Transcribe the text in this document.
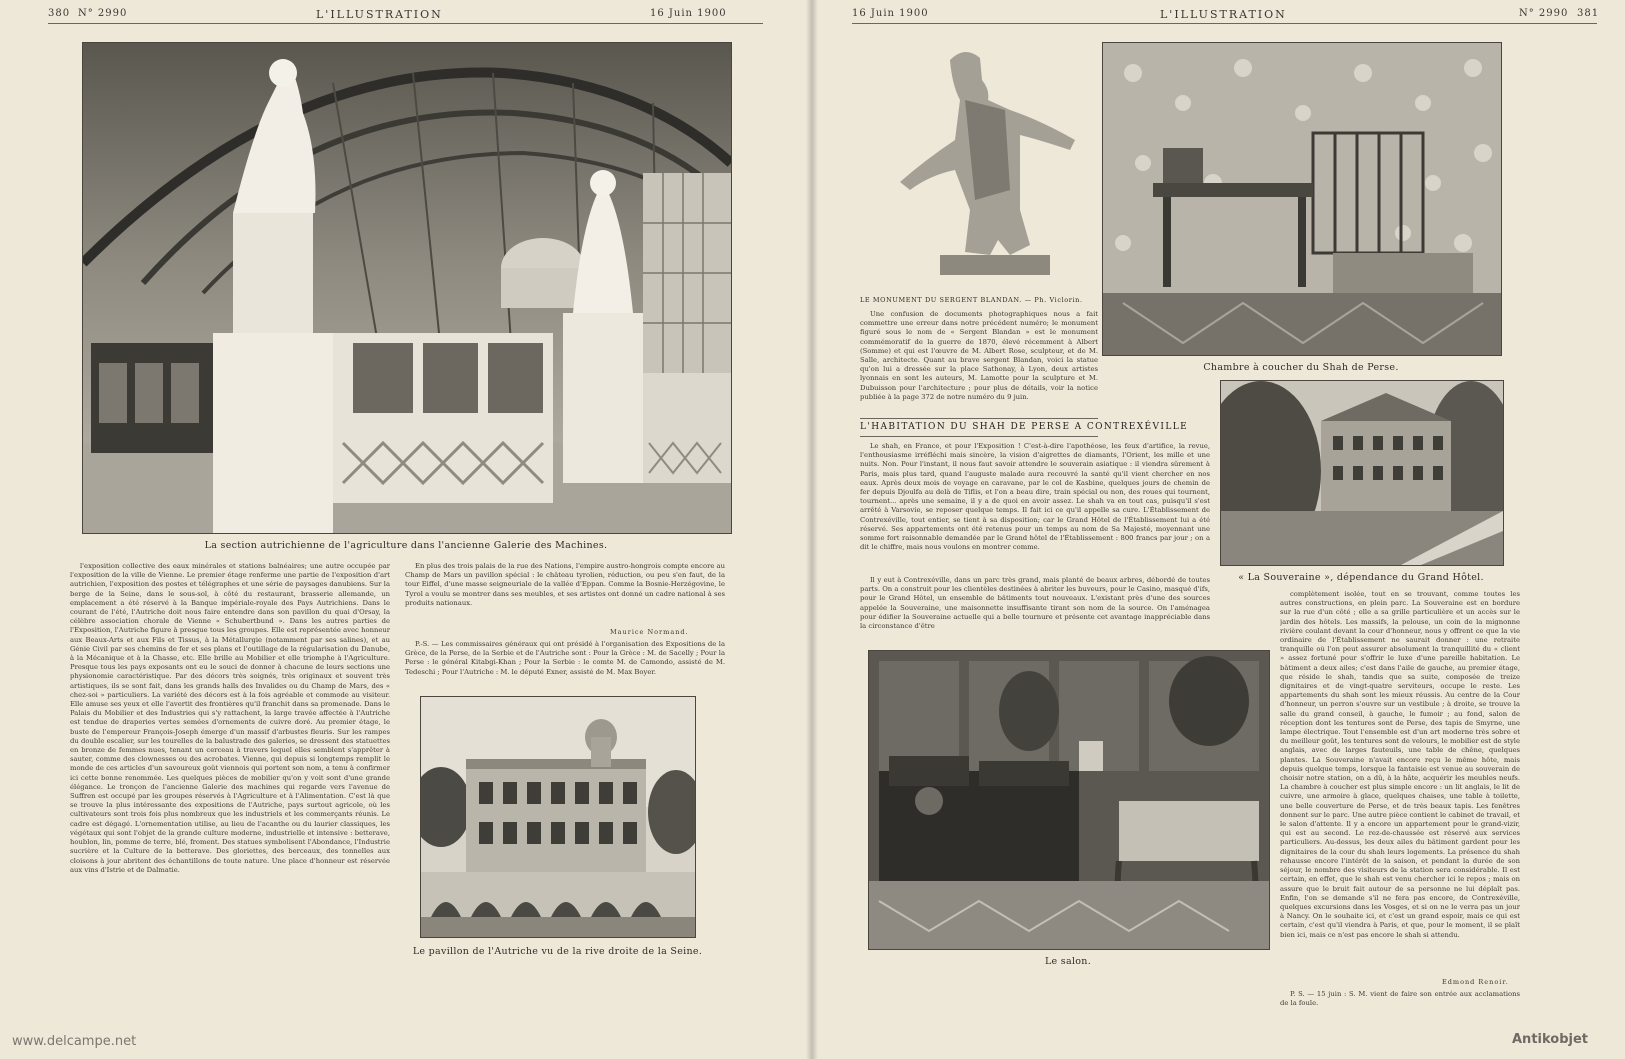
380 N° 2990	L'ILLUSTRATION	16 Juin 1900
La section autrichienne de l'agriculture dans l'ancienne Galerie des Machines.

l'exposition collective des eaux minérales et stations balnéaires; une autre occupée par l'exposition de la ville de Vienne. Le premier étage renferme une partie de l'exposition d'art autrichien, l'exposition des postes et télégraphes et une série de paysages danubiens. Sur la berge de la Seine, dans le sous-sol, à côté du restaurant, brasserie allemande, un emplacement a été réservé à la Banque impériale-royale des Pays Autrichiens. Dans le courant de l'été, l'Autriche doit nous faire entendre dans son pavillon du quai d'Orsay, la célèbre association chorale de Vienne « Schubertbund ». Dans les autres parties de l'Exposition, l'Autriche figure à presque tous les groupes. Elle est représentée avec honneur aux Beaux-Arts et aux Fils et Tissus, à la Métallurgie (notamment par ses salines), et au Génie Civil par ses chemins de fer et ses plans et l'outillage de la régularisation du Danube, à la Mécanique et à la Chasse, etc. Elle brille au Mobilier et elle triomphe à l'Agriculture. Presque tous les pays exposants ont eu le souci de donner à chacune de leurs sections une physionomie caractéristique. Par des décors très soignés, très originaux et souvent très artistiques, ils se sont fait, dans les grands halls des Invalides ou du Champ de Mars, des « chez-soi » particuliers. La variété des décors est à la fois agréable et commode au visiteur. Elle amuse ses yeux et elle l'avertit des frontières qu'il franchit dans sa promenade. Dans le Palais du Mobilier et des Industries qui s'y rattachent, la large travée affectée à l'Autriche est tendue de draperies vertes semées d'ornements de cuivre doré. Au premier étage, le buste de l'empereur François-Joseph émerge d'un massif d'arbustes fleuris. Sur les rampes du double escalier, sur les tourelles de la balustrade des galeries, se dressent des statuettes en bronze de femmes nues, tenant un cerceau à travers lequel elles semblent s'apprêter à sauter, comme des clownesses ou des acrobates. Vienne, qui depuis si longtemps remplit le monde de ces articles d'un savoureux goût viennois qui portent son nom, a tenu à confirmer ici cette bonne renommée. Les quelques pièces de mobilier qu'on y voit sont d'une grande élégance. Le tronçon de l'ancienne Galerie des machines qui regarde vers l'avenue de Suffren est occupé par les groupes réservés à l'Agriculture et à l'Alimentation. C'est là que se trouve la plus intéressante des expositions de l'Autriche, pays surtout agricole, où les cultivateurs sont trois fois plus nombreux que les industriels et les commerçants réunis. Le cadre est dégagé. L'ornementation utilise, au lieu de l'acanthe ou du laurier classiques, les végétaux qui sont l'objet de la grande culture moderne, industrielle et intensive : betterave, houblon, lin, pomme de terre, blé, froment. Des statues symbolisent l'Abondance, l'Industrie sucrière et la Culture de la betterave. Des gloriettes, des berceaux, des tonnelles aux cloisons à jour abritent des échantillons de toute nature. Une place d'honneur est réservée aux vins d'Istrie et de Dalmatie.

En plus des trois palais de la rue des Nations, l'empire austro-hongrois compte encore au Champ de Mars un pavillon spécial : le château tyrolien, réduction, ou peu s'en faut, de la tour Eiffel, d'une masse seigneuriale de la vallée d'Eppan. Comme la Bosnie-Herzégovine, le Tyrol a voulu se montrer dans ses meubles, et ses artistes ont donné un cadre national à ses produits nationaux.

Maurice Normand.

P.-S. — Les commissaires généraux qui ont présidé à l'organisation des Expositions de la Grèce, de la Perse, de la Serbie et de l'Autriche sont : Pour la Grèce : M. de Sacelly ; Pour la Perse : le général Kitabgi-Khan ; Pour la Serbie : le comte M. de Camondo, assisté de M. Tedeschi ; Pour l'Autriche : M. le député Exner, assisté de M. Max Boyer.

Le pavillon de l'Autriche vu de la rive droite de la Seine.
www.delcampe.net
16 Juin 1900	L'ILLUSTRATION	N° 2990 381
LE MONUMENT DU SERGENT BLANDAN. — Ph. Viclorin.

Une confusion de documents photographiques nous a fait commettre une erreur dans notre précédent numéro; le monument figuré sous le nom de « Sergent Blandan » est le monument commémoratif de la guerre de 1870, élevé récemment à Albert (Somme) et qui est l'œuvre de M. Albert Rose, sculpteur, et de M. Salle, architecte. Quant au brave sergent Blandan, voici la statue qu'on lui a dressée sur la place Sathonay, à Lyon, deux artistes lyonnais en sont les auteurs, M. Lamotte pour la sculpture et M. Dubuisson pour l'architecture ; pour plus de détails, voir la notice publiée à la page 372 de notre numéro du 9 juin.

Chambre à coucher du Shah de Perse.
L'HABITATION DU SHAH DE PERSE A CONTREXÉVILLE

Le shah, en France, et pour l'Exposition ! C'est-à-dire l'apothéose, les feux d'artifice, la revue, l'enthousiasme irréfléchi mais sincère, la vision d'aigrettes de diamants, l'Orient, les mille et une nuits. Non. Pour l'instant, il nous faut savoir attendre le souverain asiatique : il viendra sûrement à Paris, mais plus tard, quand l'auguste malade aura recouvré la santé qu'il vient chercher en nos eaux. Après deux mois de voyage en caravane, par le col de Kasbine, quelques jours de chemin de fer depuis Djoulfa au delà de Tiflis, et l'on a beau dire, train spécial ou non, des roues qui tournent, tournent... après une semaine, il y a de quoi en avoir assez. Le shah va en tout cas, puisqu'il s'est arrêté à Varsovie, se reposer quelque temps. Il fait ici ce qu'il appelle sa cure. L'Établissement de Contrexéville, tout entier, se tient à sa disposition; car le Grand Hôtel de l'Établissement lui a été réservé. Ses appartements ont été retenus pour un temps au nom de Sa Majesté, moyennant une somme fort raisonnable demandée par le Grand hôtel de l'Établissement : 800 francs par jour ; on a dit le chiffre, mais nous voulons en montrer comme.

Il y eut à Contrexéville, dans un parc très grand, mais planté de beaux arbres, débordé de toutes parts. On a construit pour les clientèles destinées à abriter les buveurs, pour le Casino, masqué d'ifs, pour le Grand Hôtel, un ensemble de bâtiments tout nouveaux. L'existant près d'une des sources appelée la Souveraine, une maisonnette insuffisante tirant son nom de la source. On l'aménagea pour édifier la Souveraine actuelle qui a belle tournure et présente cet avantage inappréciable dans la circonstance d'être

« La Souveraine », dépendance du Grand Hôtel.
Le salon.

complètement isolée, tout en se trouvant, comme toutes les autres constructions, en plein parc. La Souveraine est en bordure sur la rue d'un côté ; elle a sa grille particulière et un accès sur le jardin des hôtels. Les massifs, la pelouse, un coin de la mignonne rivière coulant devant la cour d'honneur, nous y offrent ce que la vie ordinaire de l'Établissement ne saurait donner : une retraite tranquille où l'on peut assurer absolument la tranquillité du « client » assez fortuné pour s'offrir le luxe d'une pareille habitation. Le bâtiment a deux ailes; c'est dans l'aile de gauche, au premier étage, que réside le shah, tandis que sa suite, composée de treize dignitaires et de vingt-quatre serviteurs, occupe le reste. Les appartements du shah sont les mieux réussis. Au centre de la Cour d'honneur, un perron s'ouvre sur un vestibule ; à droite, se trouve la salle du grand conseil, à gauche, le fumoir ; au fond, salon de réception dont les tentures sont de Perse, des tapis de Smyrne, une lampe électrique. Tout l'ensemble est d'un art moderne très sobre et du meilleur goût, les tentures sont de velours, le mobilier est de style anglais, avec de larges fauteuils, une table de chêne, quelques plantes. La Souveraine n'avait encore reçu le même hôte, mais depuis quelque temps, lorsque la fantaisie est venue au souverain de choisir notre station, on a dû, à la hâte, acquérir les meubles neufs. La chambre à coucher est plus simple encore : un lit anglais, le lit de cuivre, une armoire à glace, quelques chaises, une table à toilette, une belle couverture de Perse, et de très beaux tapis. Les fenêtres donnent sur le parc. Une autre pièce contient le cabinet de travail, et le salon d'attente. Il y a encore un appartement pour le grand-vizir, qui est au second. Le rez-de-chaussée est réservé aux services particuliers. Au-dessus, les deux ailes du bâtiment gardent pour les dignitaires de la cour du shah leurs logements. La présence du shah rehausse encore l'intérêt de la saison, et pendant la durée de son séjour, le nombre des visiteurs de la station sera considérable. Il est certain, en effet, que le shah est venu chercher ici le repos ; mais on assure que le bruit fait autour de sa personne ne lui déplaît pas. Enfin, l'on se demande s'il ne fera pas encore, de Contrexéville, quelques excursions dans les Vosges, et si on ne le verra pas un jour à Nancy. On le souhaite ici, et c'est un grand espoir, mais ce qui est certain, c'est qu'il viendra à Paris, et que, pour le moment, il se plaît bien ici, mais ce n'est pas encore le shah si attendu.

Edmond Renoir.

P. S. — 15 juin : S. M. vient de faire son entrée aux acclamations de la foule.

Antikobjet
